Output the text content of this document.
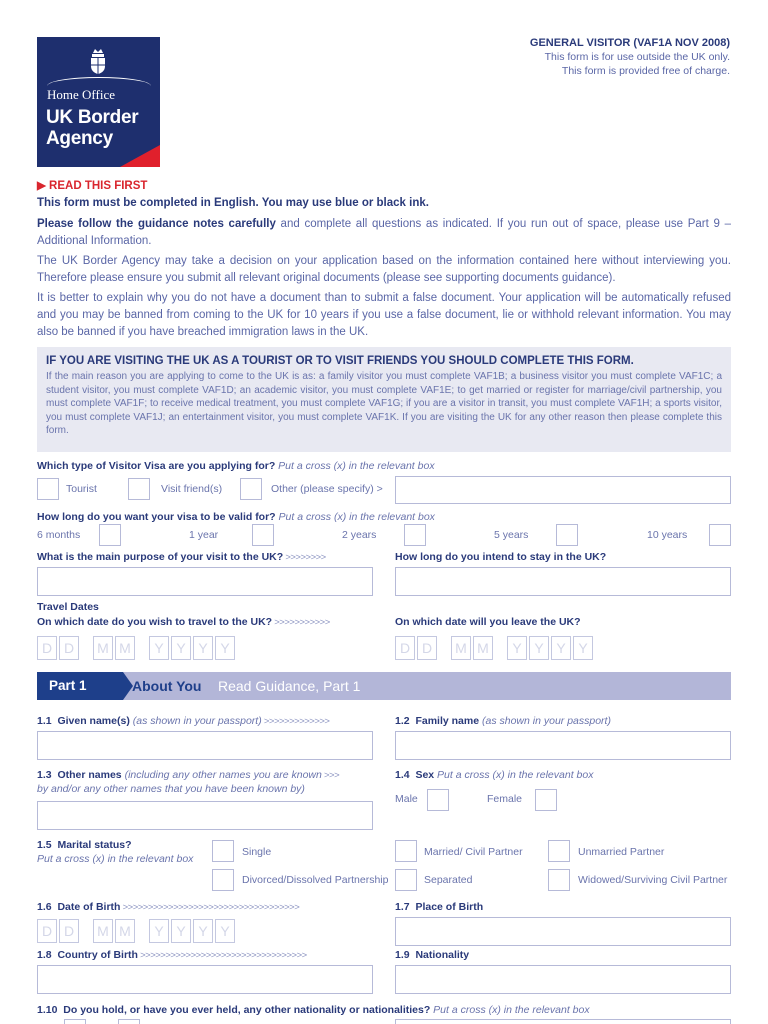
Home Office
UK Border
Agency
GENERAL VISITOR (VAF1A NOV 2008)
This form is for use outside the UK only.
This form is provided free of charge.
▶ READ THIS FIRST

This form must be completed in English. You may use blue or black ink.

Please follow the guidance notes carefully and complete all questions as indicated. If you run out of space, please use Part 9 – Additional Information.

The UK Border Agency may take a decision on your application based on the information contained here without interviewing you. Therefore please ensure you submit all relevant original documents (please see supporting documents guidance).

It is better to explain why you do not have a document than to submit a false document. Your application will be automatically refused and you may be banned from coming to the UK for 10 years if you use a false document, lie or withhold relevant information. You may also be banned if you have breached immigration laws in the UK.

IF YOU ARE VISITING THE UK AS A TOURIST OR TO VISIT FRIENDS YOU SHOULD COMPLETE THIS FORM.
If the main reason you are applying to come to the UK is as: a family visitor you must complete VAF1B; a business visitor you must complete VAF1C; a student visitor, you must complete VAF1D; an academic visitor, you must complete VAF1E; to get married or register for marriage/civil partnership, you must complete VAF1F; to receive medical treatment, you must complete VAF1G; if you are a visitor in transit, you must complete VAF1H; a sports visitor, you must complete VAF1J; an entertainment visitor, you must complete VAF1K. If you are visiting the UK for any other reason then please complete this form.
Which type of Visitor Visa are you applying for? Put a cross (x) in the relevant box
Tourist	Visit friend(s)	Other (please specify) >
How long do you want your visa to be valid for? Put a cross (x) in the relevant box
6 months	1 year	2 years	5 years	10 years
What is the main purpose of your visit to the UK? >>>>>>>>	How long do you intend to stay in the UK?
Travel Dates
On which date do you wish to travel to the UK? >>>>>>>>>>>
D D	M M	Y Y Y Y
On which date will you leave the UK?
D D	M M	Y Y Y Y
Part 1	About You Read Guidance, Part 1
1.1 Given name(s) (as shown in your passport) >>>>>>>>>>>>>	1.2 Family name (as shown in your passport)
1.3 Other names (including any other names you are known >>>
by and/or any other names that you have been known by)
1.4 Sex Put a cross (x) in the relevant box
Male	Female
1.5 Marital status?
Put a cross (x) in the relevant box
Single	Married/ Civil Partner	Unmarried Partner
Divorced/Dissolved Partnership	Separated	Widowed/Surviving Civil Partner
1.6 Date of Birth >>>>>>>>>>>>>>>>>>>>>>>>>>>>>>>>>>>
D D	M M	Y Y Y Y
1.7 Place of Birth
1.8 Country of Birth >>>>>>>>>>>>>>>>>>>>>>>>>>>>>>>>>	1.9 Nationality
1.10 Do you hold, or have you ever held, any other nationality or nationalities? Put a cross (x) in the relevant box
